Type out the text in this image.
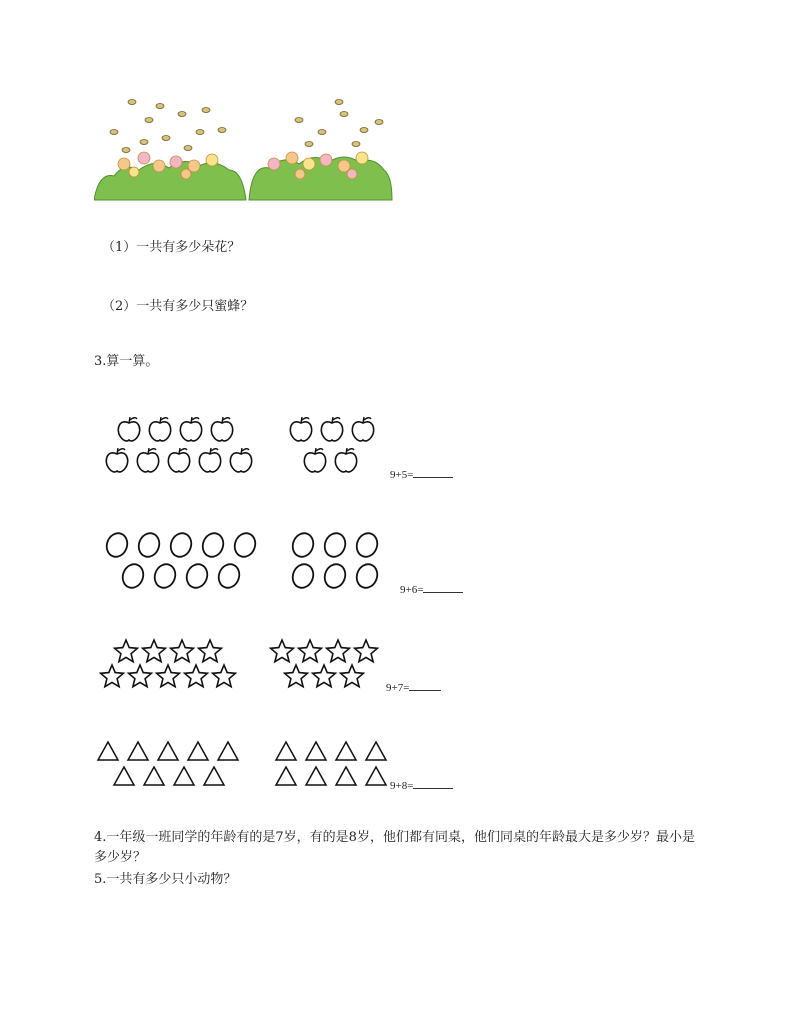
（1）一共有多少朵花？
（2）一共有多少只蜜蜂？
3.算一算。
9+5=
9+6=
9+7=
9+8=
4.一年级一班同学的年龄有的是7岁，有的是8岁，他们都有同桌，他们同桌的年龄最大是多少岁？最小是多少岁？
5.一共有多少只小动物？
